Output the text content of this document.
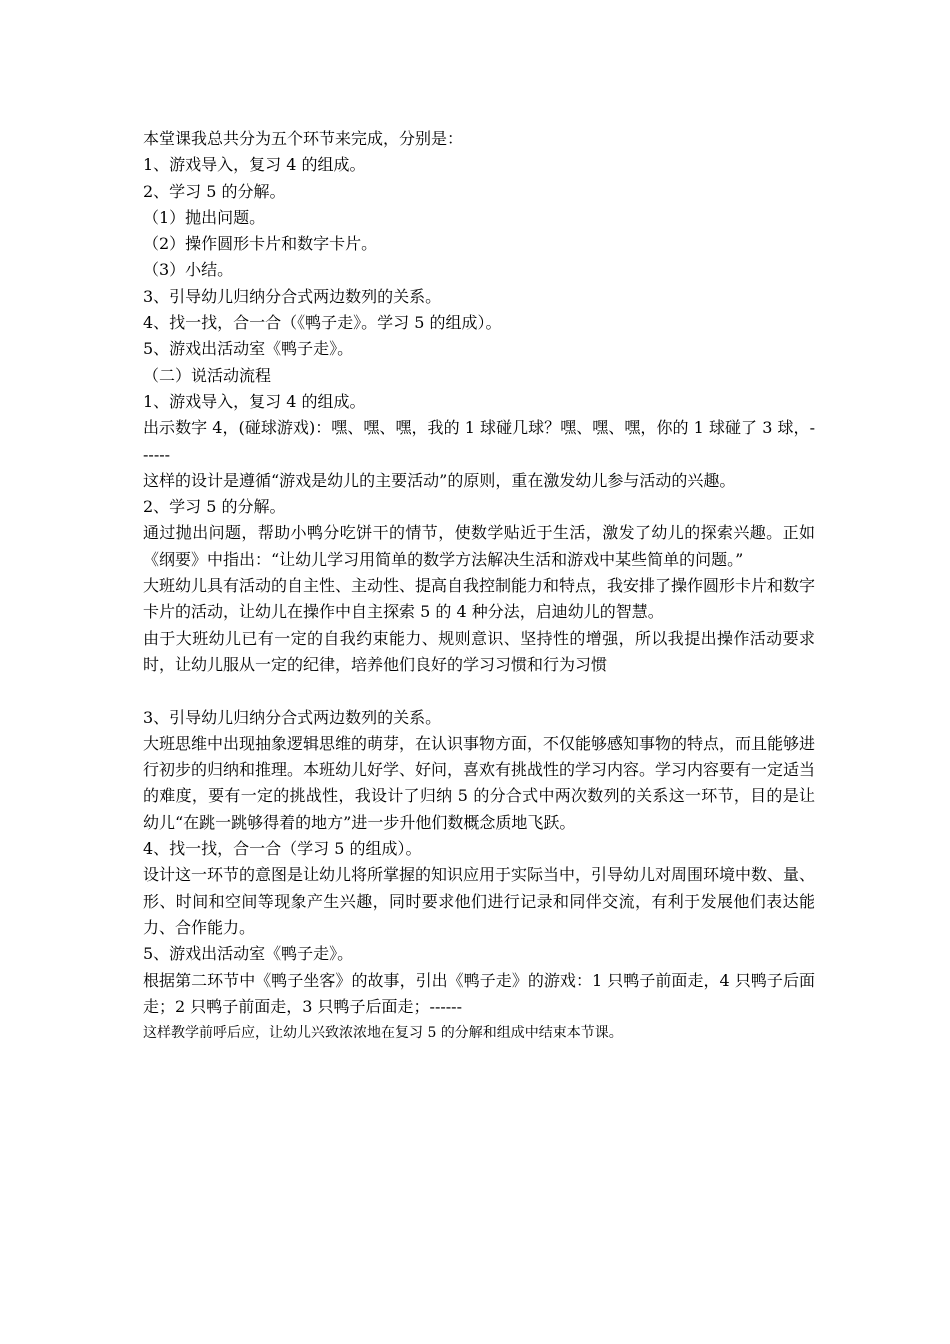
本堂课我总共分为五个环节来完成，分别是：
1、游戏导入，复习 4 的组成。
2、学习 5 的分解。
（1）抛出问题。
（2）操作圆形卡片和数字卡片。
（3）小结。
3、引导幼儿归纳分合式两边数列的关系。
4、找一找，合一合（《鸭子走》。学习 5 的组成）。
5、游戏出活动室《鸭子走》。
（二）说活动流程
1、游戏导入，复习 4 的组成。
出示数字 4，(碰球游戏)：嘿、嘿、嘿，我的 1 球碰几球？嘿、嘿、嘿，你的 1 球碰了 3 球，------
这样的设计是遵循“游戏是幼儿的主要活动”的原则，重在激发幼儿参与活动的兴趣。
2、学习 5 的分解。
通过抛出问题，帮助小鸭分吃饼干的情节，使数学贴近于生活，激发了幼儿的探索兴趣。正如《纲要》中指出：“让幼儿学习用简单的数学方法解决生活和游戏中某些简单的问题。”
大班幼儿具有活动的自主性、主动性、提高自我控制能力和特点，我安排了操作圆形卡片和数字卡片的活动，让幼儿在操作中自主探索 5 的 4 种分法，启迪幼儿的智慧。
由于大班幼儿已有一定的自我约束能力、规则意识、坚持性的增强，所以我提出操作活动要求时，让幼儿服从一定的纪律，培养他们良好的学习习惯和行为习惯
3、引导幼儿归纳分合式两边数列的关系。
大班思维中出现抽象逻辑思维的萌芽，在认识事物方面，不仅能够感知事物的特点，而且能够进行初步的归纳和推理。本班幼儿好学、好问，喜欢有挑战性的学习内容。学习内容要有一定适当的难度，要有一定的挑战性，我设计了归纳 5 的分合式中两次数列的关系这一环节，目的是让幼儿“在跳一跳够得着的地方”进一步升他们数概念质地飞跃。
4、找一找，合一合（学习 5 的组成）。
设计这一环节的意图是让幼儿将所掌握的知识应用于实际当中，引导幼儿对周围环境中数、量、形、时间和空间等现象产生兴趣，同时要求他们进行记录和同伴交流，有利于发展他们表达能力、合作能力。
5、游戏出活动室《鸭子走》。
根据第二环节中《鸭子坐客》的故事，引出《鸭子走》的游戏：1 只鸭子前面走，4 只鸭子后面走；2 只鸭子前面走，3 只鸭子后面走；------
这样教学前呼后应，让幼儿兴致浓浓地在复习 5 的分解和组成中结束本节课。
